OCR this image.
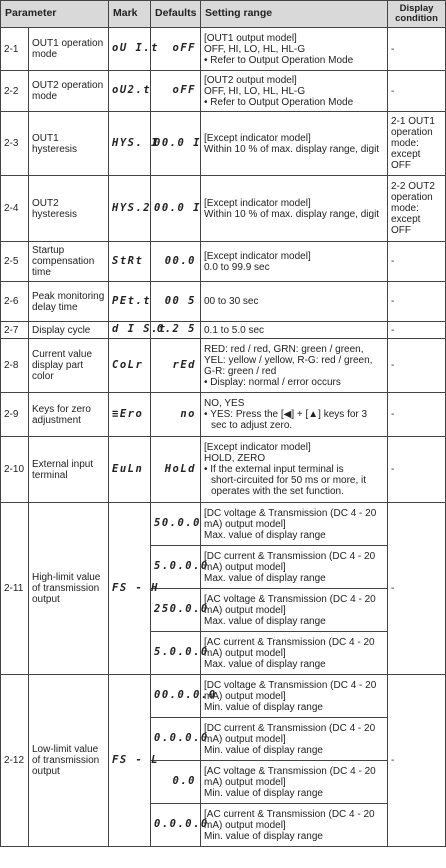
Parameter		Mark	Defaults	Setting range	Display condition
2-1	OUT1 operation mode	oU I.t	oFF	[OUT1 output model]
OFF, HI, LO, HL, HL-G
• Refer to Output Operation Mode	-
2-2	OUT2 operation mode	oU2.t	oFF	[OUT2 output model]
OFF, HI, LO, HL, HL-G
• Refer to Output Operation Mode	-
2-3	OUT1 hysteresis	HYS. I	00.0 I	[Except indicator model]
Within 10 % of max. display range, digit	2-1 OUT1 operation mode: except OFF
2-4	OUT2 hysteresis	HYS.2	00.0 I	[Except indicator model]
Within 10 % of max. display range, digit	2-2 OUT2 operation mode: except OFF
2-5	Startup compensation time	StRt	00.0	[Except indicator model]
0.0 to 99.9 sec	-
2-6	Peak monitoring delay time	PEt.t	00 5	00 to 30 sec	-
2-7	Display cycle	d I S.t	0.2 5	0.1 to 5.0 sec	-
2-8	Current value display part color	CoLr	rEd	RED: red / red, GRN: green / green,
YEL: yellow / yellow, R-G: red / green,
G-R: green / red
• Display: normal / error occurs	-
2-9	Keys for zero adjustment	≡Ero	no	NO, YES
• YES: Press the [◀] + [▲] keys for 3
sec to adjust zero.	-
2-10	External input terminal	EuLn	HoLd	[Except indicator model]
HOLD, ZERO
• If the external input terminal is
short-circuited for 50 ms or more, it
operates with the set function.	-
2-11	High-limit value of transmission output	FS - H	50.0.0	[DC voltage & Transmission (DC 4 - 20
mA) output model]
Max. value of display range	-
			5.0.0.0	[DC current & Transmission (DC 4 - 20
mA) output model]
Max. value of display range	

			250.0.0	[AC voltage & Transmission (DC 4 - 20
mA) output model]
Max. value of display range	

			5.0.0.0	[AC current & Transmission (DC 4 - 20
mA) output model]
Max. value of display range	

2-12	Low-limit value of transmission output	FS - L	00.0.0.0	[DC voltage & Transmission (DC 4 - 20
mA) output model]
Min. value of display range	-
			0.0.0.0	[DC current & Transmission (DC 4 - 20
mA) output model]
Min. value of display range	

			0.0	[AC voltage & Transmission (DC 4 - 20
mA) output model]
Min. value of display range	

			0.0.0.0	[AC current & Transmission (DC 4 - 20
mA) output model]
Min. value of display range	
